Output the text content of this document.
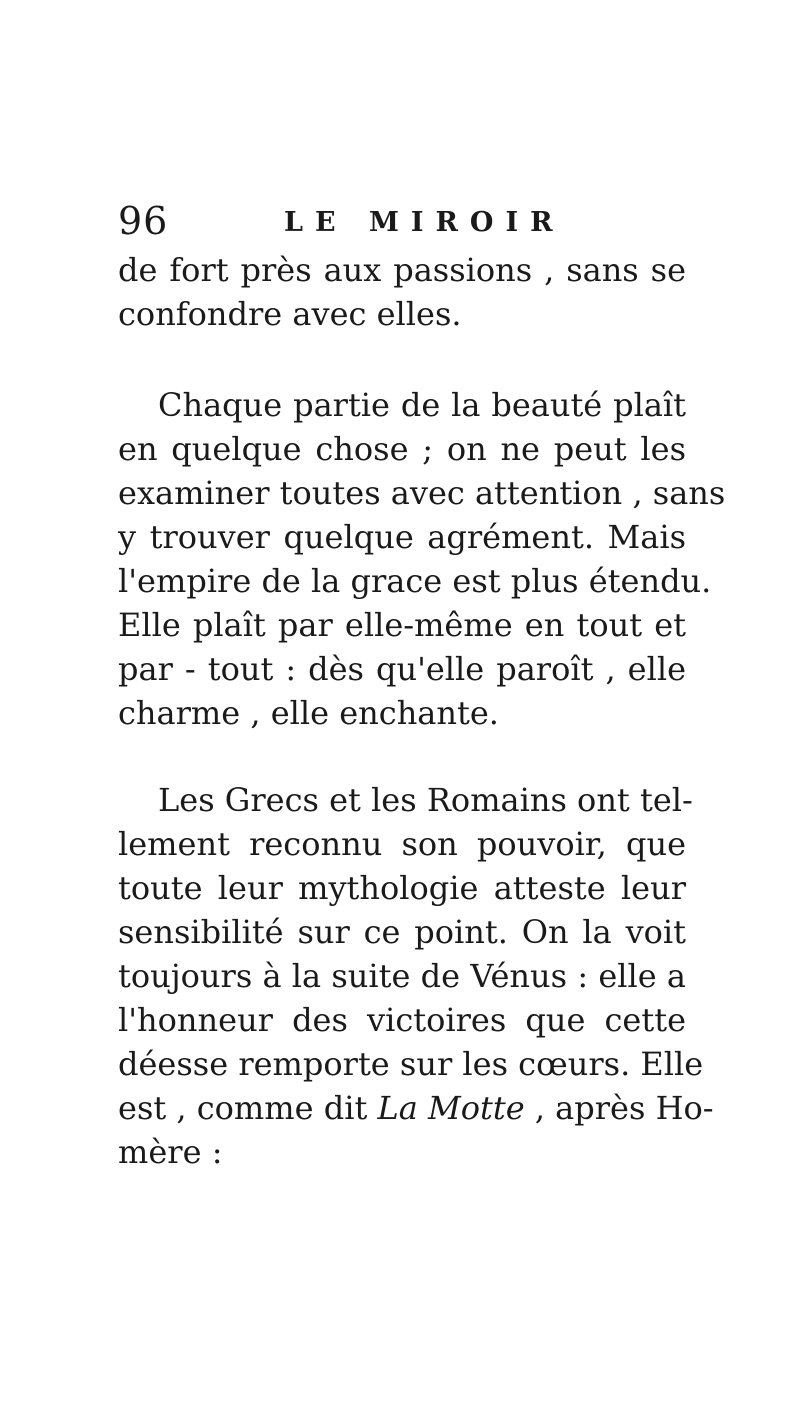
96	LE MIROIR
de fort près aux passions , sans se
confondre avec elles.
Chaque partie de la beauté plaît
en quelque chose ; on ne peut les
examiner toutes avec attention , sans
y trouver quelque agrément. Mais
l'empire de la grace est plus étendu.
Elle plaît par elle-même en tout et
par - tout : dès qu'elle paroît , elle
charme , elle enchante.
Les Grecs et les Romains ont tel-
lement reconnu son pouvoir, que
toute leur mythologie atteste leur
sensibilité sur ce point. On la voit
toujours à la suite de Vénus : elle a
l'honneur des victoires que cette
déesse remporte sur les cœurs. Elle
est , comme dit La Motte , après Ho-
mère :
